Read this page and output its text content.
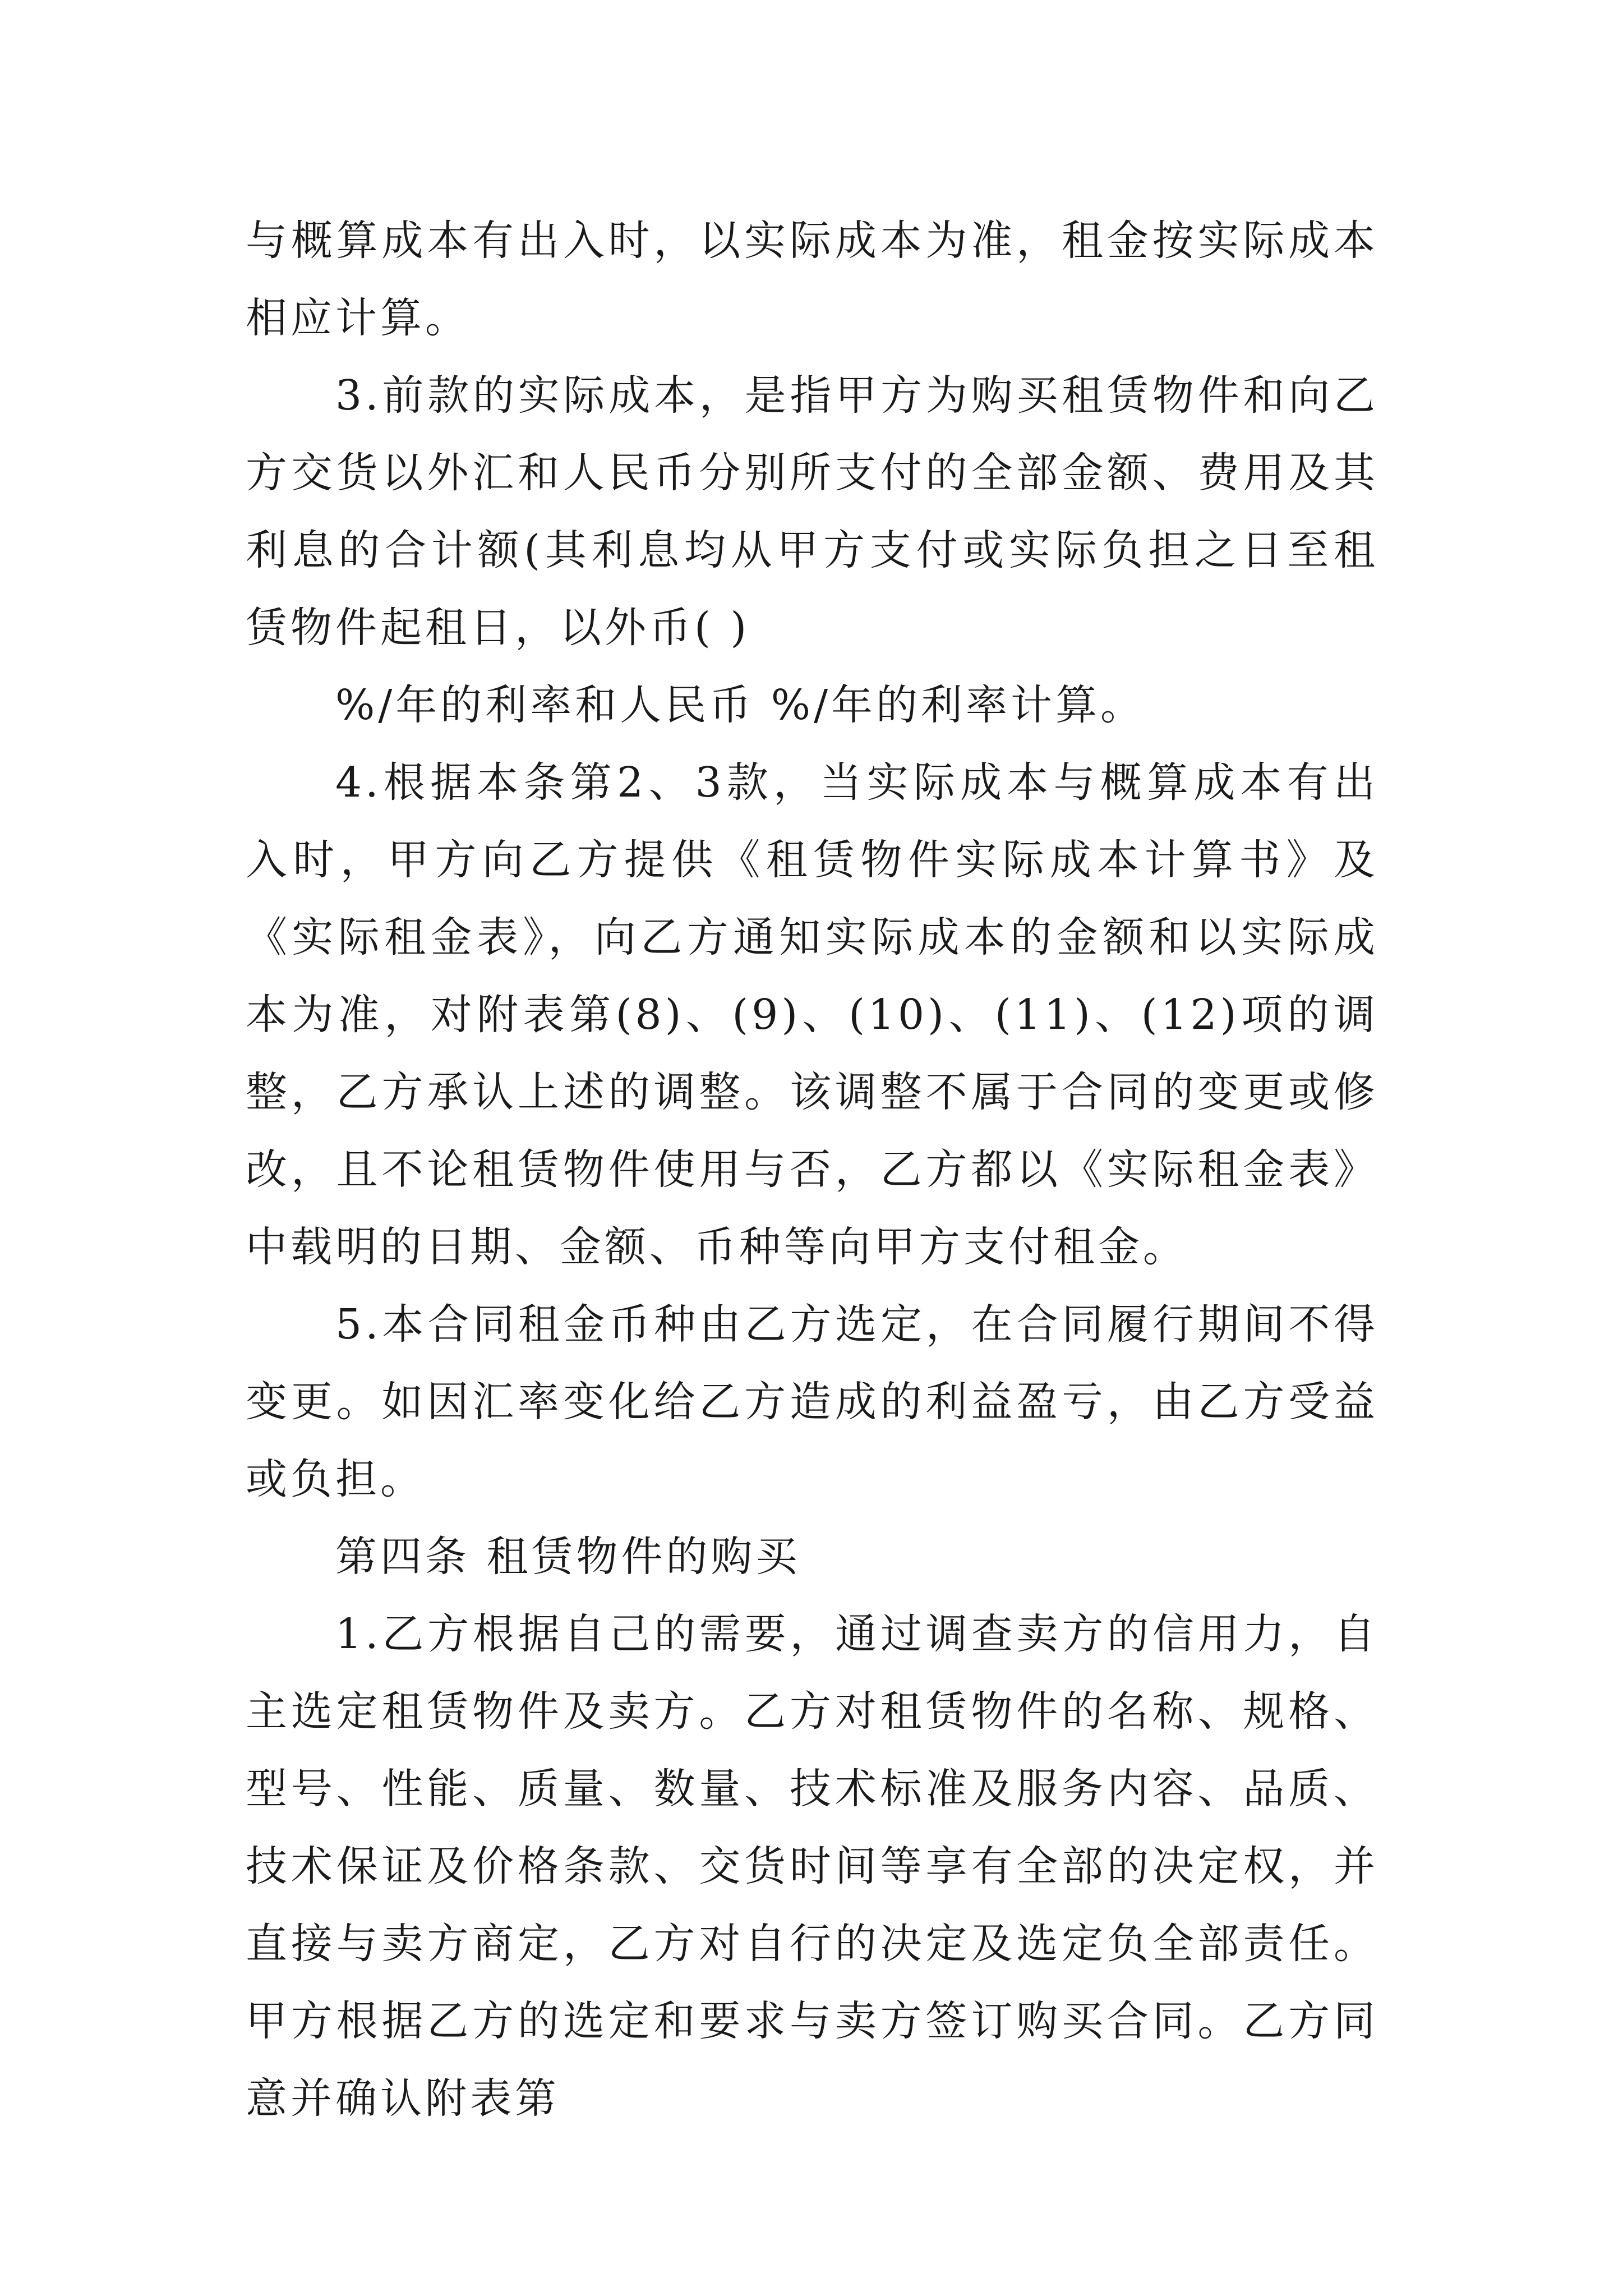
与概算成本有出入时，以实际成本为准，租金按实际成本相应计算。

3.前款的实际成本，是指甲方为购买租赁物件和向乙方交货以外汇和人民币分别所支付的全部金额、费用及其利息的合计额(其利息均从甲方支付或实际负担之日至租赁物件起租日，以外币( )

%/年的利率和人民币 %/年的利率计算。

4.根据本条第2、3款，当实际成本与概算成本有出入时，甲方向乙方提供《租赁物件实际成本计算书》及《实际租金表》，向乙方通知实际成本的金额和以实际成本为准，对附表第(8)、(9)、(10)、(11)、(12)项的调整，乙方承认上述的调整。该调整不属于合同的变更或修改，且不论租赁物件使用与否，乙方都以《实际租金表》中载明的日期、金额、币种等向甲方支付租金。

5.本合同租金币种由乙方选定，在合同履行期间不得变更。如因汇率变化给乙方造成的利益盈亏，由乙方受益或负担。

第四条 租赁物件的购买

1.乙方根据自己的需要，通过调查卖方的信用力，自主选定租赁物件及卖方。乙方对租赁物件的名称、规格、型号、性能、质量、数量、技术标准及服务内容、品质、技术保证及价格条款、交货时间等享有全部的决定权，并直接与卖方商定，乙方对自行的决定及选定负全部责任。甲方根据乙方的选定和要求与卖方签订购买合同。乙方同意并确认附表第
